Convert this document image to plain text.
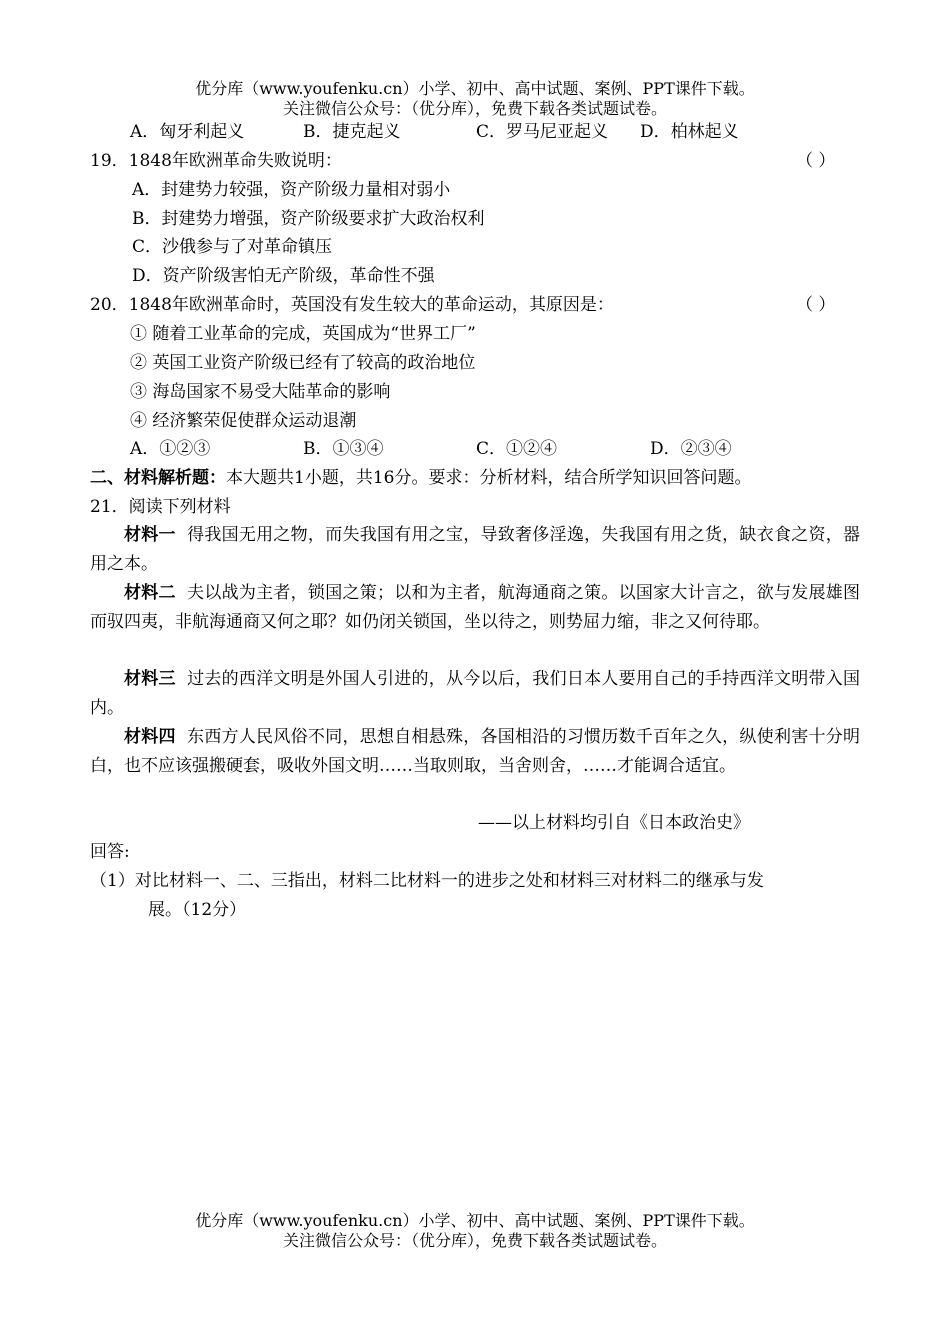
优分库（www.youfenku.cn）小学、初中、高中试题、案例、PPT课件下载。
关注微信公众号：（优分库），免费下载各类试题试卷。
A．匈牙利起义	B．捷克起义	C．罗马尼亚起义 D．柏林起义
19．1848年欧洲革命失败说明：	（ ）
A．封建势力较强，资产阶级力量相对弱小
B．封建势力增强，资产阶级要求扩大政治权利
C．沙俄参与了对革命镇压
D．资产阶级害怕无产阶级，革命性不强
20．1848年欧洲革命时，英国没有发生较大的革命运动，其原因是：	（ ）
① 随着工业革命的完成，英国成为“世界工厂”
② 英国工业资产阶级已经有了较高的政治地位
③ 海岛国家不易受大陆革命的影响
④ 经济繁荣促使群众运动退潮
A．①②③	B．①③④	C．①②④	D．②③④
二、材料解析题：本大题共1小题，共16分。要求：分析材料，结合所学知识回答问题。
21．阅读下列材料
材料一 得我国无用之物，而失我国有用之宝，导致奢侈淫逸，失我国有用之货，缺衣食之资，器用之本。
材料二 夫以战为主者，锁国之策；以和为主者，航海通商之策。以国家大计言之，欲与发展雄图而驭四夷，非航海通商又何之耶？如仍闭关锁国，坐以待之，则势屈力缩，非之又何待耶。
材料三 过去的西洋文明是外国人引进的，从今以后，我们日本人要用自己的手持西洋文明带入国内。
材料四 东西方人民风俗不同，思想自相悬殊，各国相沿的习惯历数千百年之久，纵使利害十分明白，也不应该强搬硬套，吸收外国文明……当取则取，当舍则舍，……才能调合适宜。
——以上材料均引自《日本政治史》
回答:
（1）对比材料一、二、三指出，材料二比材料一的进步之处和材料三对材料二的继承与发
展。（12分）
优分库（www.youfenku.cn）小学、初中、高中试题、案例、PPT课件下载。
关注微信公众号：（优分库），免费下载各类试题试卷。
